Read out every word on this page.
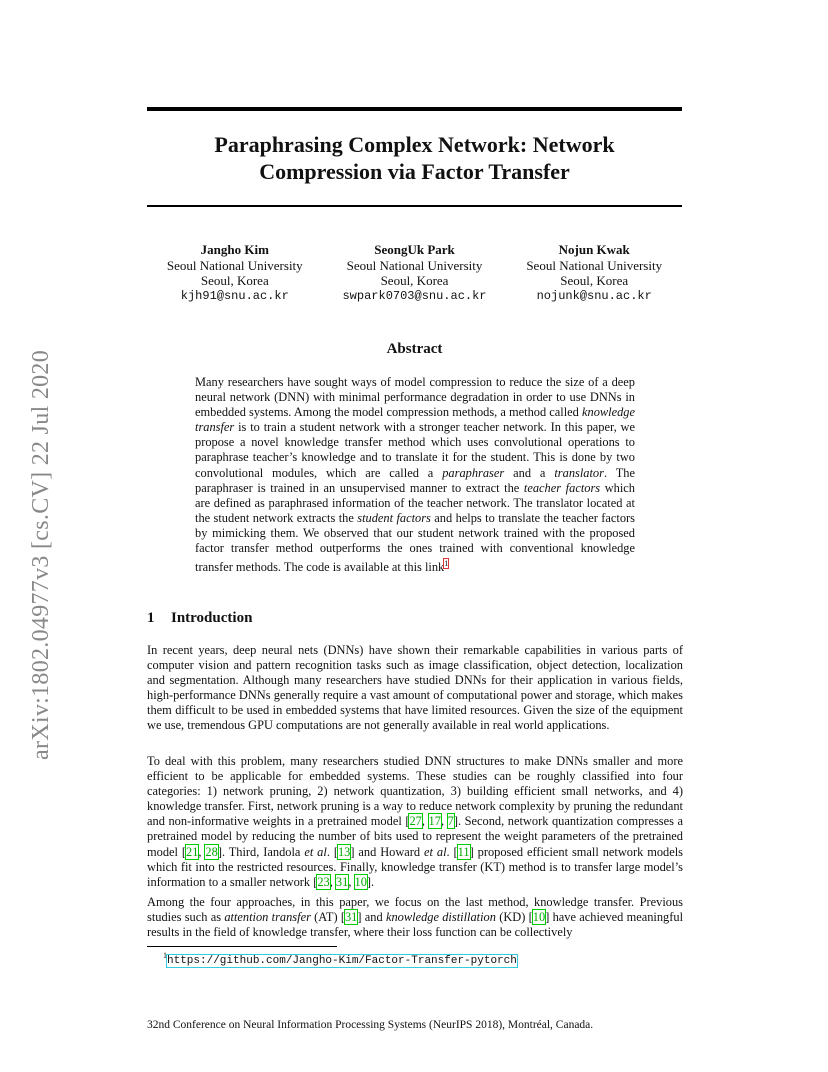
arXiv:1802.04977v3 [cs.CV] 22 Jul 2020
Paraphrasing Complex Network: Network
Compression via Factor Transfer
Jangho Kim
Seoul National University
Seoul, Korea
kjh91@snu.ac.kr
SeongUk Park
Seoul National University
Seoul, Korea
swpark0703@snu.ac.kr
Nojun Kwak
Seoul National University
Seoul, Korea
nojunk@snu.ac.kr
Abstract
Many researchers have sought ways of model compression to reduce the size of a deep neural network (DNN) with minimal performance degradation in order to use DNNs in embedded systems. Among the model compression methods, a method called knowledge transfer is to train a student network with a stronger teacher network. In this paper, we propose a novel knowledge transfer method which uses convolutional operations to paraphrase teacher’s knowledge and to translate it for the student. This is done by two convolutional modules, which are called a paraphraser and a translator. The paraphraser is trained in an unsupervised manner to extract the teacher factors which are defined as paraphrased information of the teacher network. The translator located at the student network extracts the student factors and helps to translate the teacher factors by mimicking them. We observed that our student network trained with the proposed factor transfer method outperforms the ones trained with conventional knowledge transfer methods. The code is available at this link$^1$
1 Introduction
In recent years, deep neural nets (DNNs) have shown their remarkable capabilities in various parts of computer vision and pattern recognition tasks such as image classification, object detection, localization and segmentation. Although many researchers have studied DNNs for their application in various fields, high-performance DNNs generally require a vast amount of computational power and storage, which makes them difficult to be used in embedded systems that have limited resources. Given the size of the equipment we use, tremendous GPU computations are not generally available in real world applications.
To deal with this problem, many researchers studied DNN structures to make DNNs smaller and more efficient to be applicable for embedded systems. These studies can be roughly classified into four categories: 1) network pruning, 2) network quantization, 3) building efficient small networks, and 4) knowledge transfer. First, network pruning is a way to reduce network complexity by pruning the redundant and non-informative weights in a pretrained model [27, 17, 7]. Second, network quantization compresses a pretrained model by reducing the number of bits used to represent the weight parameters of the pretrained model [21, 28]. Third, Iandola et al. [13] and Howard et al. [11] proposed efficient small network models which fit into the restricted resources. Finally, knowledge transfer (KT) method is to transfer large model’s information to a smaller network [23, 31, 10].
Among the four approaches, in this paper, we focus on the last method, knowledge transfer. Previous studies such as attention transfer (AT) [31] and knowledge distillation (KD) [10] have achieved meaningful results in the field of knowledge transfer, where their loss function can be collectively
$^1$https://github.com/Jangho-Kim/Factor-Transfer-pytorch
32nd Conference on Neural Information Processing Systems (NeurIPS 2018), Montréal, Canada.
